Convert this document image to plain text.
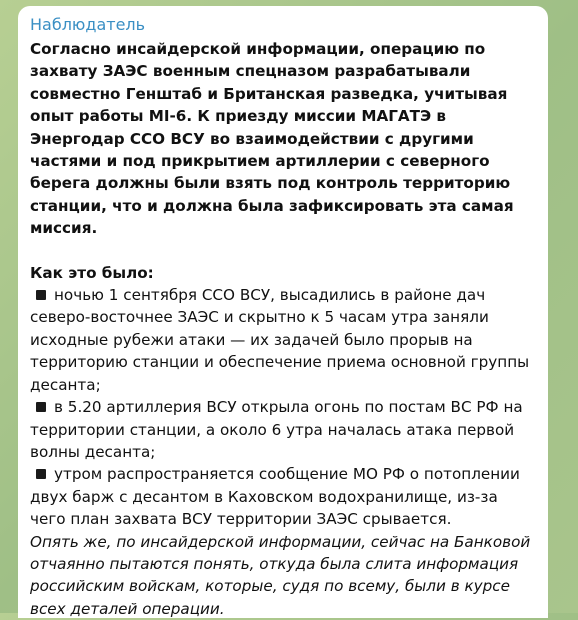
Наблюдатель
Согласно инсайдерской информации, операцию по захвату ЗАЭС военным спецназом разрабатывали совместно Генштаб и Британская разведка, учитывая опыт работы MI-6. К приезду миссии МАГАТЭ в Энергодар ССО ВСУ во взаимодействии с другими частями и под прикрытием артиллерии с северного берега должны были взять под контроль территорию станции, что и должна была зафиксировать эта самая миссия.
Как это было:
ночью 1 сентября ССО ВСУ, высадились в районе дач северо-восточнее ЗАЭС и скрытно к 5 часам утра заняли исходные рубежи атаки — их задачей было прорыв на территорию станции и обеспечение приема основной группы десанта;
в 5.20 артиллерия ВСУ открыла огонь по постам ВС РФ на территории станции, а около 6 утра началась атака первой волны десанта;
утром распространяется сообщение МО РФ о потоплении двух барж с десантом в Каховском водохранилище, из-за чего план захвата ВСУ территории ЗАЭС срывается.
Опять же, по инсайдерской информации, сейчас на Банковой отчаянно пытаются понять, откуда была слита информация российским войскам, которые, судя по всему, были в курсе всех деталей операции.
